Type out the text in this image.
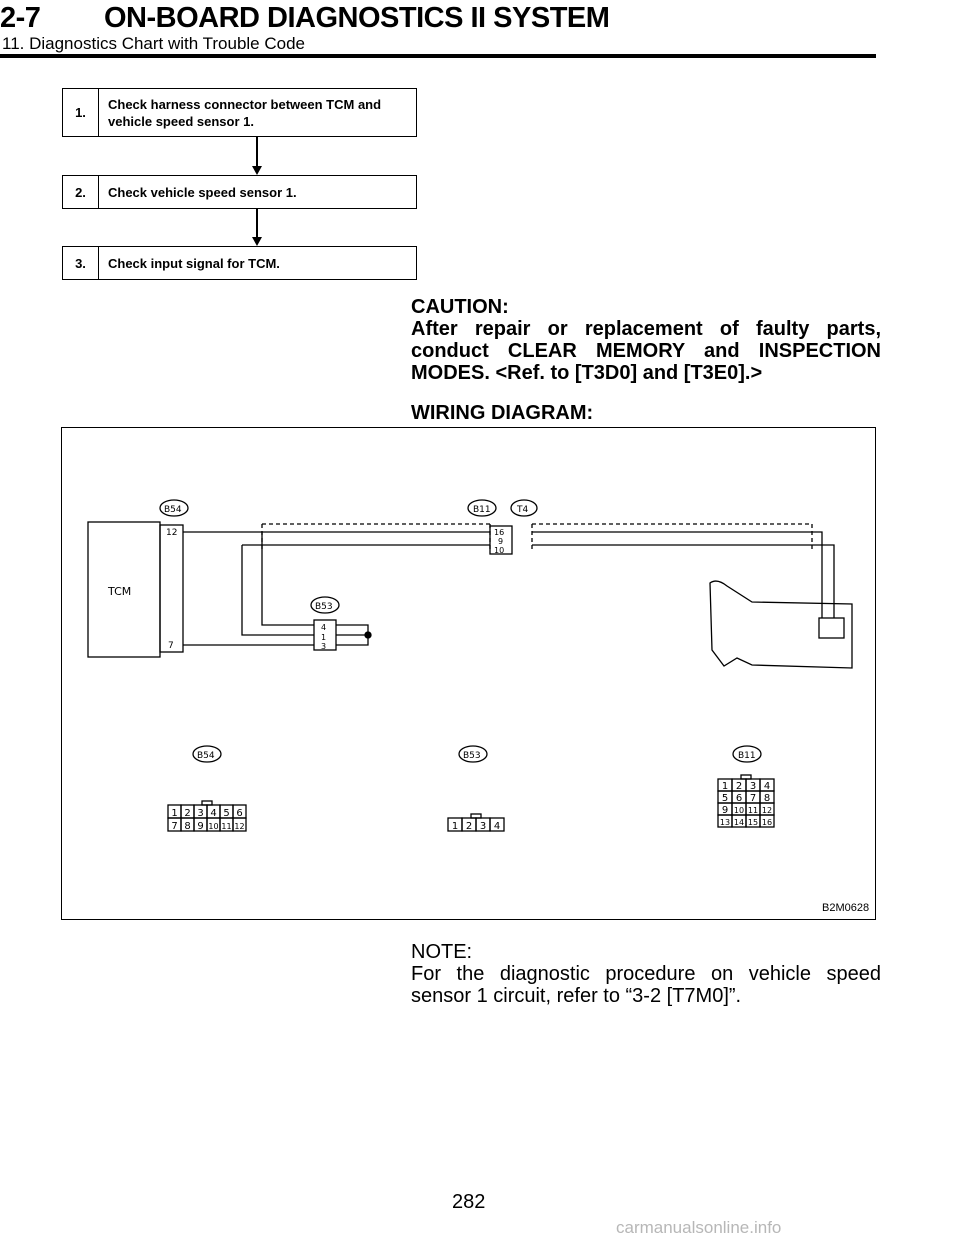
2-7 ON-BOARD DIAGNOSTICS II SYSTEM
11. Diagnostics Chart with Trouble Code
1.
Check harness connector between TCM and
vehicle speed sensor 1.
2.	Check vehicle speed sensor 1.
3.	Check input signal for TCM.
CAUTION:
After repair or replacement of faulty parts, conduct CLEAR MEMORY and INSPECTION MODES. <Ref. to [T3D0] and [T3E0].>
WIRING DIAGRAM:
TCM
12
7
B54	B11	T4
B53
16
9
10
4
1
3
B54	B53	B11
1 2 3 4 5 6
7 8 9 10 11 12	1 2 3 4
1 2 3 4
5 6 7 8
9 10 11 12
13 14 15 16
B2M0628
NOTE:
For the diagnostic procedure on vehicle speed sensor 1 circuit, refer to “3-2 [T7M0]”.
282
carmanualsonline.info
